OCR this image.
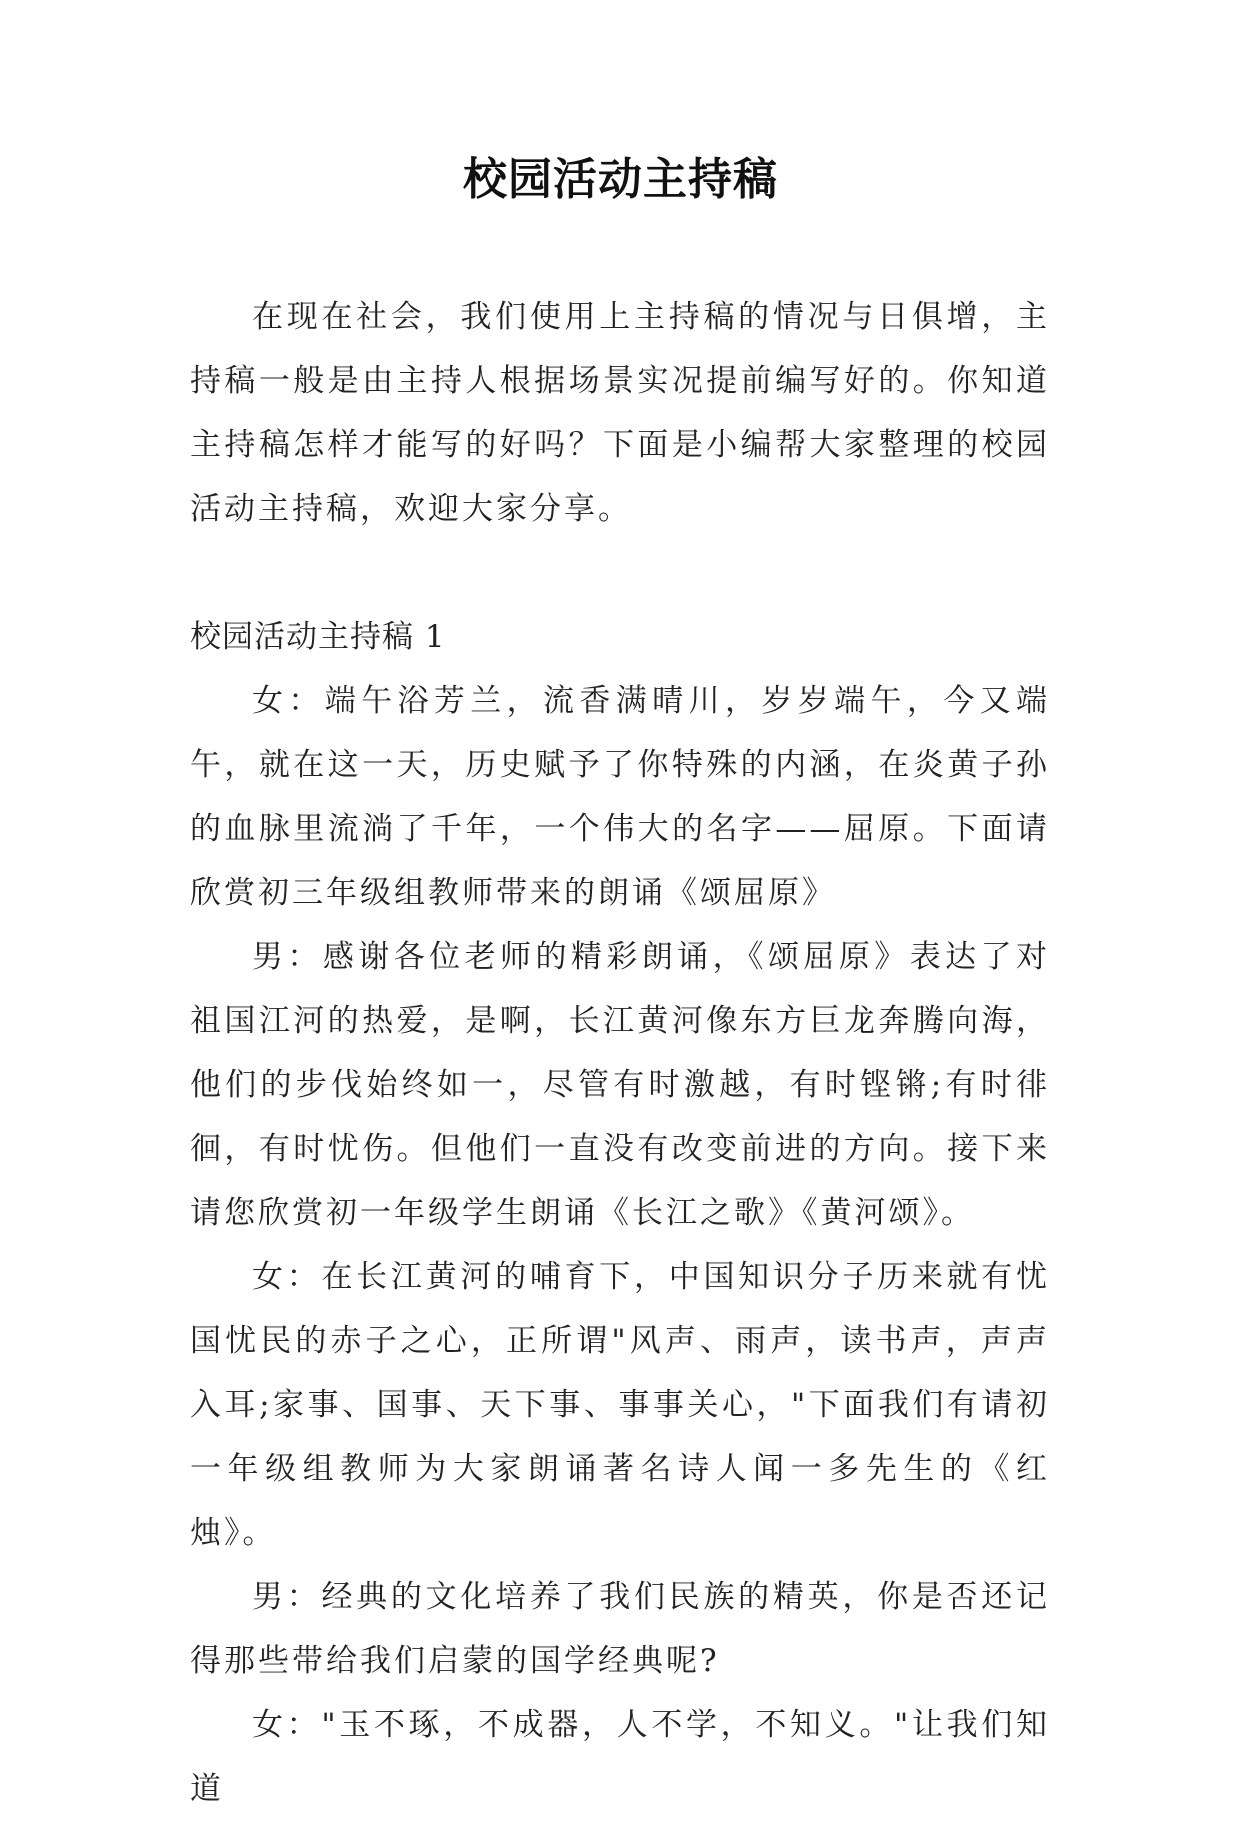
校园活动主持稿

在现在社会，我们使用上主持稿的情况与日俱增，主持稿一般是由主持人根据场景实况提前编写好的。你知道主持稿怎样才能写的好吗？下面是小编帮大家整理的校园活动主持稿，欢迎大家分享。

校园活动主持稿 1

女：端午浴芳兰，流香满晴川，岁岁端午，今又端午，就在这一天，历史赋予了你特殊的内涵，在炎黄子孙的血脉里流淌了千年，一个伟大的名字——屈原。下面请欣赏初三年级组教师带来的朗诵《颂屈原》

男：感谢各位老师的精彩朗诵，《颂屈原》表达了对祖国江河的热爱，是啊，长江黄河像东方巨龙奔腾向海，他们的步伐始终如一，尽管有时激越，有时铿锵;有时徘徊，有时忧伤。但他们一直没有改变前进的方向。接下来请您欣赏初一年级学生朗诵《长江之歌》《黄河颂》。

女：在长江黄河的哺育下，中国知识分子历来就有忧国忧民的赤子之心，正所谓"风声、雨声，读书声，声声入耳;家事、国事、天下事、事事关心，"下面我们有请初一年级组教师为大家朗诵著名诗人闻一多先生的《红烛》。

男：经典的文化培养了我们民族的精英，你是否还记得那些带给我们启蒙的国学经典呢?

女："玉不琢，不成器，人不学，不知义。"让我们知道
